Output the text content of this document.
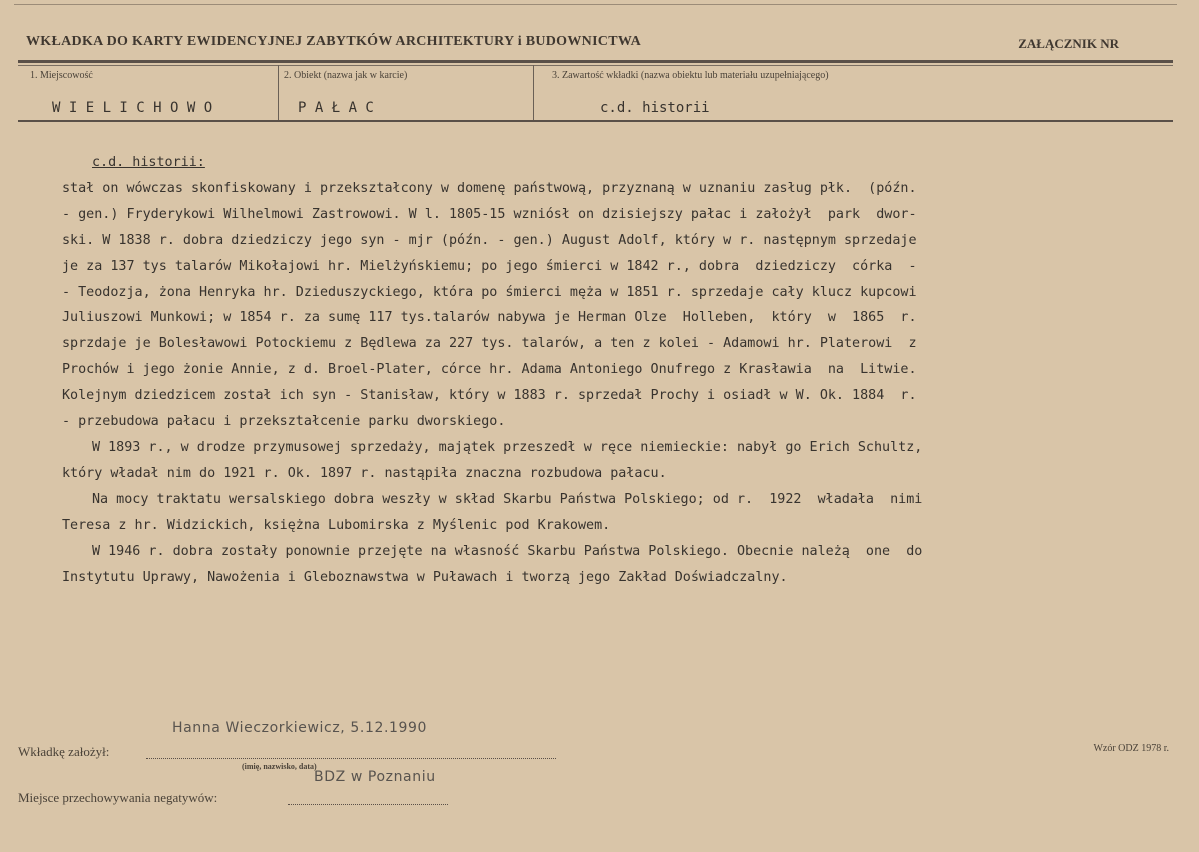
WKŁADKA DO KARTY EWIDENCYJNEJ ZABYTKÓW ARCHITEKTURY i BUDOWNICTWA	ZAŁĄCZNIK NR
1. Miejscowość	2. Obiekt (nazwa jak w karcie)	3. Zawartość wkładki (nazwa obiektu lub materiału uzupełniającego)
W I E L I C H O W O	P A Ł A C	c.d. historii
c.d. historii:
stał on wówczas skonfiskowany i przekształcony w domenę państwową, przyznaną w uznaniu zasług płk.  (późn.
- gen.) Fryderykowi Wilhelmowi Zastrowowi. W l. 1805-15 wzniósł on dzisiejszy pałac i założył  park  dwor-
ski. W 1838 r. dobra dziedziczy jego syn - mjr (późn. - gen.) August Adolf, który w r. następnym sprzedaje
je za 137 tys talarów Mikołajowi hr. Mielżyńskiemu; po jego śmierci w 1842 r., dobra  dziedziczy  córka  -
- Teodozja, żona Henryka hr. Dzieduszyckiego, która po śmierci męża w 1851 r. sprzedaje cały klucz kupcowi
Juliuszowi Munkowi; w 1854 r. za sumę 117 tys.talarów nabywa je Herman Olze  Holleben,  który  w  1865  r.
sprzdaje je Bolesławowi Potockiemu z Będlewa za 227 tys. talarów, a ten z kolei - Adamowi hr. Platerowi  z
Prochów i jego żonie Annie, z d. Broel-Plater, córce hr. Adama Antoniego Onufrego z Krasławia  na  Litwie.
Kolejnym dziedzicem został ich syn - Stanisław, który w 1883 r. sprzedał Prochy i osiadł w W. Ok. 1884  r.
- przebudowa pałacu i przekształcenie parku dworskiego.
W 1893 r., w drodze przymusowej sprzedaży, majątek przeszedł w ręce niemieckie: nabył go Erich Schultz,
który władał nim do 1921 r. Ok. 1897 r. nastąpiła znaczna rozbudowa pałacu.
Na mocy traktatu wersalskiego dobra weszły w skład Skarbu Państwa Polskiego; od r.  1922  władała  nimi
Teresa z hr. Widzickich, księżna Lubomirska z Myślenic pod Krakowem.
W 1946 r. dobra zostały ponownie przejęte na własność Skarbu Państwa Polskiego. Obecnie należą  one  do
Instytutu Uprawy, Nawożenia i Gleboznawstwa w Puławach i tworzą jego Zakład Doświadczalny.
Hanna Wieczorkiewicz, 5.12.1990
Wkładkę założył:
(imię, nazwisko, data)
BDZ w Poznaniu
Miejsce przechowywania negatywów:
Wzór ODZ 1978 r.
